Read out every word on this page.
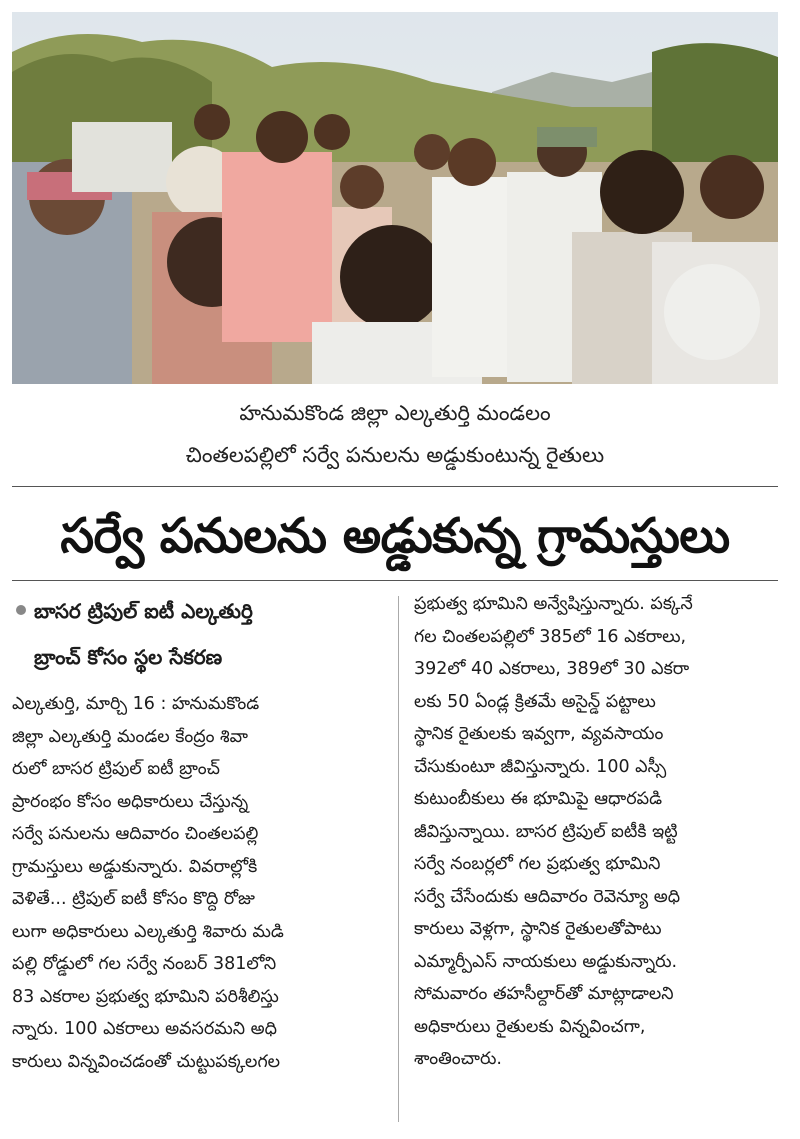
హనుమకొండ జిల్లా ఎల్కతుర్తి మండలం
చింతలపల్లిలో సర్వే పనులను అడ్డుకుంటున్న రైతులు
సర్వే పనులను అడ్డుకున్న గ్రామస్తులు
బాసర ట్రిపుల్ ఐటీ ఎల్కతుర్తి
బ్రాంచ్ కోసం స్థల సేకరణ
ఎల్కతుర్తి, మార్చి 16 : హనుమకొండ
జిల్లా ఎల్కతుర్తి మండల కేంద్రం శివా
రులో బాసర ట్రిపుల్ ఐటీ బ్రాంచ్
ప్రారంభం కోసం అధికారులు చేస్తున్న
సర్వే పనులను ఆదివారం చింతలపల్లి
గ్రామస్తులు అడ్డుకున్నారు. వివరాల్లోకి
వెళితే... ట్రిపుల్ ఐటీ కోసం కొద్ది రోజు
లుగా అధికారులు ఎల్కతుర్తి శివారు మడి
పల్లి రోడ్డులో గల సర్వే నంబర్ 381లోని
83 ఎకరాల ప్రభుత్వ భూమిని పరిశీలిస్తు
న్నారు. 100 ఎకరాలు అవసరమని అధి
కారులు విన్నవించడంతో చుట్టుపక్కలగల
ప్రభుత్వ భూమిని అన్వేషిస్తున్నారు. పక్కనే
గల చింతలపల్లిలో 385లో 16 ఎకరాలు,
392లో 40 ఎకరాలు, 389లో 30 ఎకరా
లకు 50 ఏండ్ల క్రితమే అసైన్డ్ పట్టాలు
స్థానిక రైతులకు ఇవ్వగా, వ్యవసాయం
చేసుకుంటూ జీవిస్తున్నారు. 100 ఎస్సీ
కుటుంబీకులు ఈ భూమిపై ఆధారపడి
జీవిస్తున్నాయి. బాసర ట్రిపుల్ ఐటీకి ఇట్టి
సర్వే నంబర్లలో గల ప్రభుత్వ భూమిని
సర్వే చేసేందుకు ఆదివారం రెవెన్యూ అధి
కారులు వెళ్లగా, స్థానిక రైతులతోపాటు
ఎమ్మార్పీఎస్ నాయకులు అడ్డుకున్నారు.
సోమవారం తహసీల్దార్‌తో మాట్లాడాలని
అధికారులు రైతులకు విన్నవించగా,
శాంతించారు.
